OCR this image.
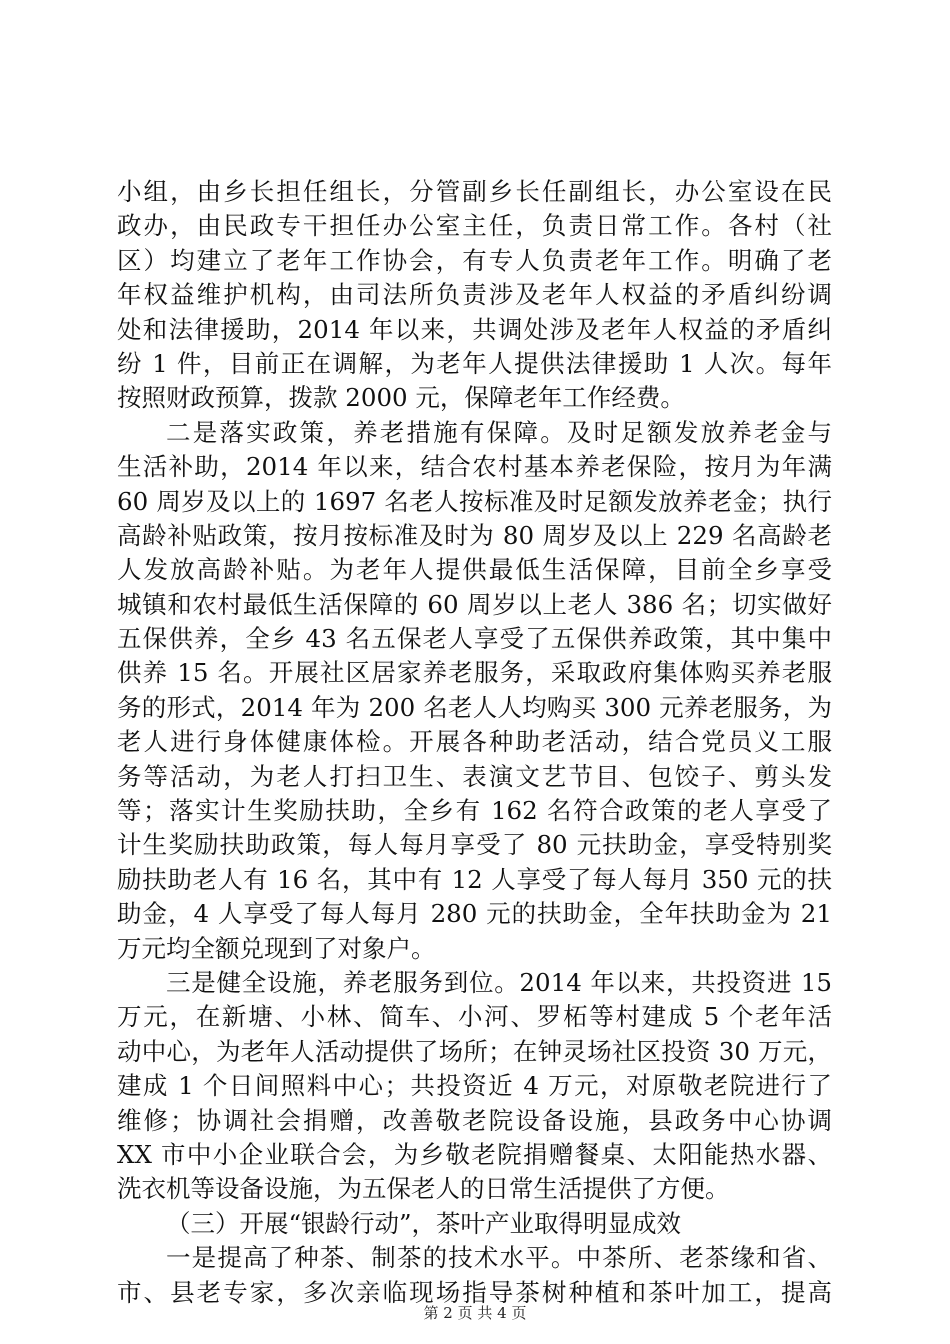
小组，由乡长担任组长，分管副乡长任副组长，办公室设在民
政办，由民政专干担任办公室主任，负责日常工作。各村（社
区）均建立了老年工作协会，有专人负责老年工作。明确了老
年权益维护机构，由司法所负责涉及老年人权益的矛盾纠纷调
处和法律援助，2014 年以来，共调处涉及老年人权益的矛盾纠
纷 1 件，目前正在调解，为老年人提供法律援助 1 人次。每年
按照财政预算，拨款 2000 元，保障老年工作经费。
二是落实政策，养老措施有保障。及时足额发放养老金与
生活补助，2014 年以来，结合农村基本养老保险，按月为年满
60 周岁及以上的 1697 名老人按标准及时足额发放养老金；执行
高龄补贴政策，按月按标准及时为 80 周岁及以上 229 名高龄老
人发放高龄补贴。为老年人提供最低生活保障，目前全乡享受
城镇和农村最低生活保障的 60 周岁以上老人 386 名；切实做好
五保供养，全乡 43 名五保老人享受了五保供养政策，其中集中
供养 15 名。开展社区居家养老服务，采取政府集体购买养老服
务的形式，2014 年为 200 名老人人均购买 300 元养老服务，为
老人进行身体健康体检。开展各种助老活动，结合党员义工服
务等活动，为老人打扫卫生、表演文艺节目、包饺子、剪头发
等；落实计生奖励扶助，全乡有 162 名符合政策的老人享受了
计生奖励扶助政策，每人每月享受了 80 元扶助金，享受特别奖
励扶助老人有 16 名，其中有 12 人享受了每人每月 350 元的扶
助金，4 人享受了每人每月 280 元的扶助金，全年扶助金为 21
万元均全额兑现到了对象户。
三是健全设施，养老服务到位。2014 年以来，共投资进 15
万元，在新塘、小林、简车、小河、罗柘等村建成 5 个老年活
动中心，为老年人活动提供了场所；在钟灵场社区投资 30 万元，
建成 1 个日间照料中心；共投资近 4 万元，对原敬老院进行了
维修；协调社会捐赠，改善敬老院设备设施，县政务中心协调
XX 市中小企业联合会，为乡敬老院捐赠餐桌、太阳能热水器、
洗衣机等设备设施，为五保老人的日常生活提供了方便。
（三）开展“银龄行动”，茶叶产业取得明显成效
一是提高了种茶、制茶的技术水平。中茶所、老茶缘和省、
市、县老专家，多次亲临现场指导茶树种植和茶叶加工，提高
第 2 页 共 4 页
